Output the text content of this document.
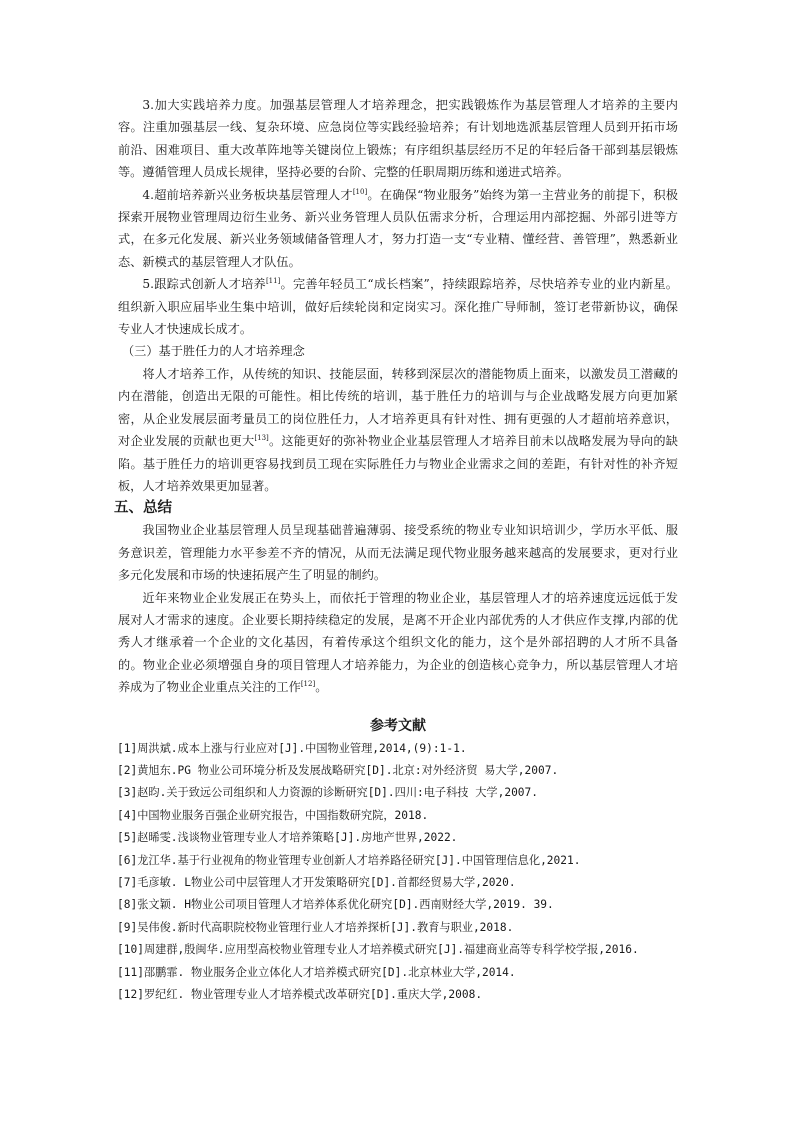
3.加大实践培养力度。加强基层管理人才培养理念，把实践锻炼作为基层管理人才培养的主要内容。注重加强基层一线、复杂环境、应急岗位等实践经验培养；有计划地选派基层管理人员到开拓市场前沿、困难项目、重大改革阵地等关键岗位上锻炼；有序组织基层经历不足的年轻后备干部到基层锻炼等。遵循管理人员成长规律，坚持必要的台阶、完整的任职周期历练和递进式培养。

4.超前培养新兴业务板块基层管理人才[10]。在确保“物业服务”始终为第一主营业务的前提下，积极探索开展物业管理周边衍生业务、新兴业务管理人员队伍需求分析，合理运用内部挖掘、外部引进等方式，在多元化发展、新兴业务领域储备管理人才，努力打造一支“专业精、懂经营、善管理”，熟悉新业态、新模式的基层管理人才队伍。

5.跟踪式创新人才培养[11]。完善年轻员工“成长档案”，持续跟踪培养，尽快培养专业的业内新星。组织新入职应届毕业生集中培训，做好后续轮岗和定岗实习。深化推广导师制，签订老带新协议，确保专业人才快速成长成才。

（三）基于胜任力的人才培养理念

将人才培养工作，从传统的知识、技能层面，转移到深层次的潜能物质上面来，以激发员工潜藏的内在潜能，创造出无限的可能性。相比传统的培训，基于胜任力的培训与与企业战略发展方向更加紧密，从企业发展层面考量员工的岗位胜任力，人才培养更具有针对性、拥有更强的人才超前培养意识，对企业发展的贡献也更大[13]。这能更好的弥补物业企业基层管理人才培养目前未以战略发展为导向的缺陷。基于胜任力的培训更容易找到员工现在实际胜任力与物业企业需求之间的差距，有针对性的补齐短板，人才培养效果更加显著。

五、总结

我国物业企业基层管理人员呈现基础普遍薄弱、接受系统的物业专业知识培训少，学历水平低、服务意识差，管理能力水平参差不齐的情况，从而无法满足现代物业服务越来越高的发展要求，更对行业多元化发展和市场的快速拓展产生了明显的制约。

近年来物业企业发展正在势头上，而依托于管理的物业企业，基层管理人才的培养速度远远低于发展对人才需求的速度。企业要长期持续稳定的发展，是离不开企业内部优秀的人才供应作支撑,内部的优秀人才继承着一个企业的文化基因，有着传承这个组织文化的能力，这个是外部招聘的人才所不具备的。物业企业必须增强自身的项目管理人才培养能力，为企业的创造核心竞争力，所以基层管理人才培养成为了物业企业重点关注的工作[12]。

参考文献

[1]周洪斌.成本上涨与行业应对[J].中国物业管理,2014,(9):1-1.

[2]黄旭东.PG 物业公司环境分析及发展战略研究[D].北京:对外经济贸 易大学,2007.

[3]赵昀.关于致远公司组织和人力资源的诊断研究[D].四川:电子科技 大学,2007.

[4]中国物业服务百强企业研究报告，中国指数研究院，2018.

[5]赵晞雯.浅谈物业管理专业人才培养策略[J].房地产世界,2022.

[6]龙江华.基于行业视角的物业管理专业创新人才培养路径研究[J].中国管理信息化,2021.

[7]毛彦敏. L物业公司中层管理人才开发策略研究[D].首都经贸易大学,2020.

[8]张文颖. H物业公司项目管理人才培养体系优化研究[D].西南财经大学,2019. 39.

[9]吴伟俊.新时代高职院校物业管理行业人才培养探析[J].教育与职业,2018.

[10]周建群,殷闽华.应用型高校物业管理专业人才培养模式研究[J].福建商业高等专科学校学报,2016.

[11]邵鹏霏. 物业服务企业立体化人才培养模式研究[D].北京林业大学,2014.

[12]罗纪红. 物业管理专业人才培养模式改革研究[D].重庆大学,2008.
